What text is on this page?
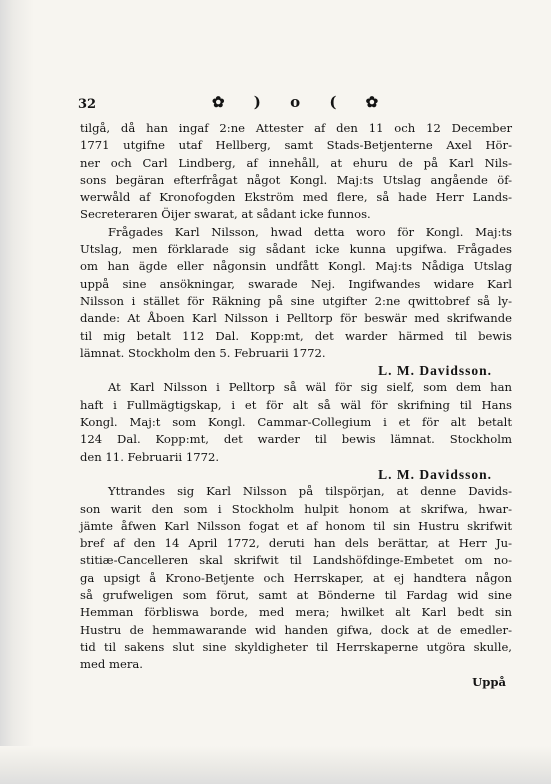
32	✿ ) o ( ✿
tilgå, då han ingaf 2:ne Attester af den 11 och 12 December
1771 utgifne utaf Hellberg, samt Stads-Betjenterne Axel Hör-
ner och Carl Lindberg, af innehåll, at ehuru de på Karl Nils-
sons begäran efterfrågat något Kongl. Maj:ts Utslag angående öf-
werwåld af Kronofogden Ekström med flere, så hade Herr Lands-
Secreteraren Öijer swarat, at sådant icke funnos.
Frågades Karl Nilsson, hwad detta woro för Kongl. Maj:ts
Utslag, men förklarade sig sådant icke kunna upgifwa. Frågades
om han ägde eller någonsin undfått Kongl. Maj:ts Nådiga Utslag
uppå sine ansökningar, swarade Nej. Ingifwandes widare Karl
Nilsson i stället för Räkning på sine utgifter 2:ne qwittobref så ly-
dande: At Åboen Karl Nilsson i Pelltorp för beswär med skrifwande
til mig betalt 112 Dal. Kopp:mt, det warder härmed til bewis
lämnat. Stockholm den 5. Februarii 1772.
L. M. Davidsson.
At Karl Nilsson i Pelltorp så wäl för sig sielf, som dem han
haft i Fullmägtigskap, i et för alt så wäl för skrifning til Hans
Kongl. Maj:t som Kongl. Cammar-Collegium i et för alt betalt
124 Dal. Kopp:mt, det warder til bewis lämnat. Stockholm
den 11. Februarii 1772.
L. M. Davidsson.
Yttrandes sig Karl Nilsson på tilspörjan, at denne Davids-
son warit den som i Stockholm hulpit honom at skrifwa, hwar-
jämte åfwen Karl Nilsson fogat et af honom til sin Hustru skrifwit
bref af den 14 April 1772, deruti han dels berättar, at Herr Ju-
stitiæ-Cancelleren skal skrifwit til Landshöfdinge-Embetet om no-
ga upsigt å Krono-Betjente och Herrskaper, at ej handtera någon
så grufweligen som förut, samt at Bönderne til Fardag wid sine
Hemman förbliswa borde, med mera; hwilket alt Karl bedt sin
Hustru de hemmawarande wid handen gifwa, dock at de emedler-
tid til sakens slut sine skyldigheter til Herrskaperne utgöra skulle,
med mera.
Uppå
